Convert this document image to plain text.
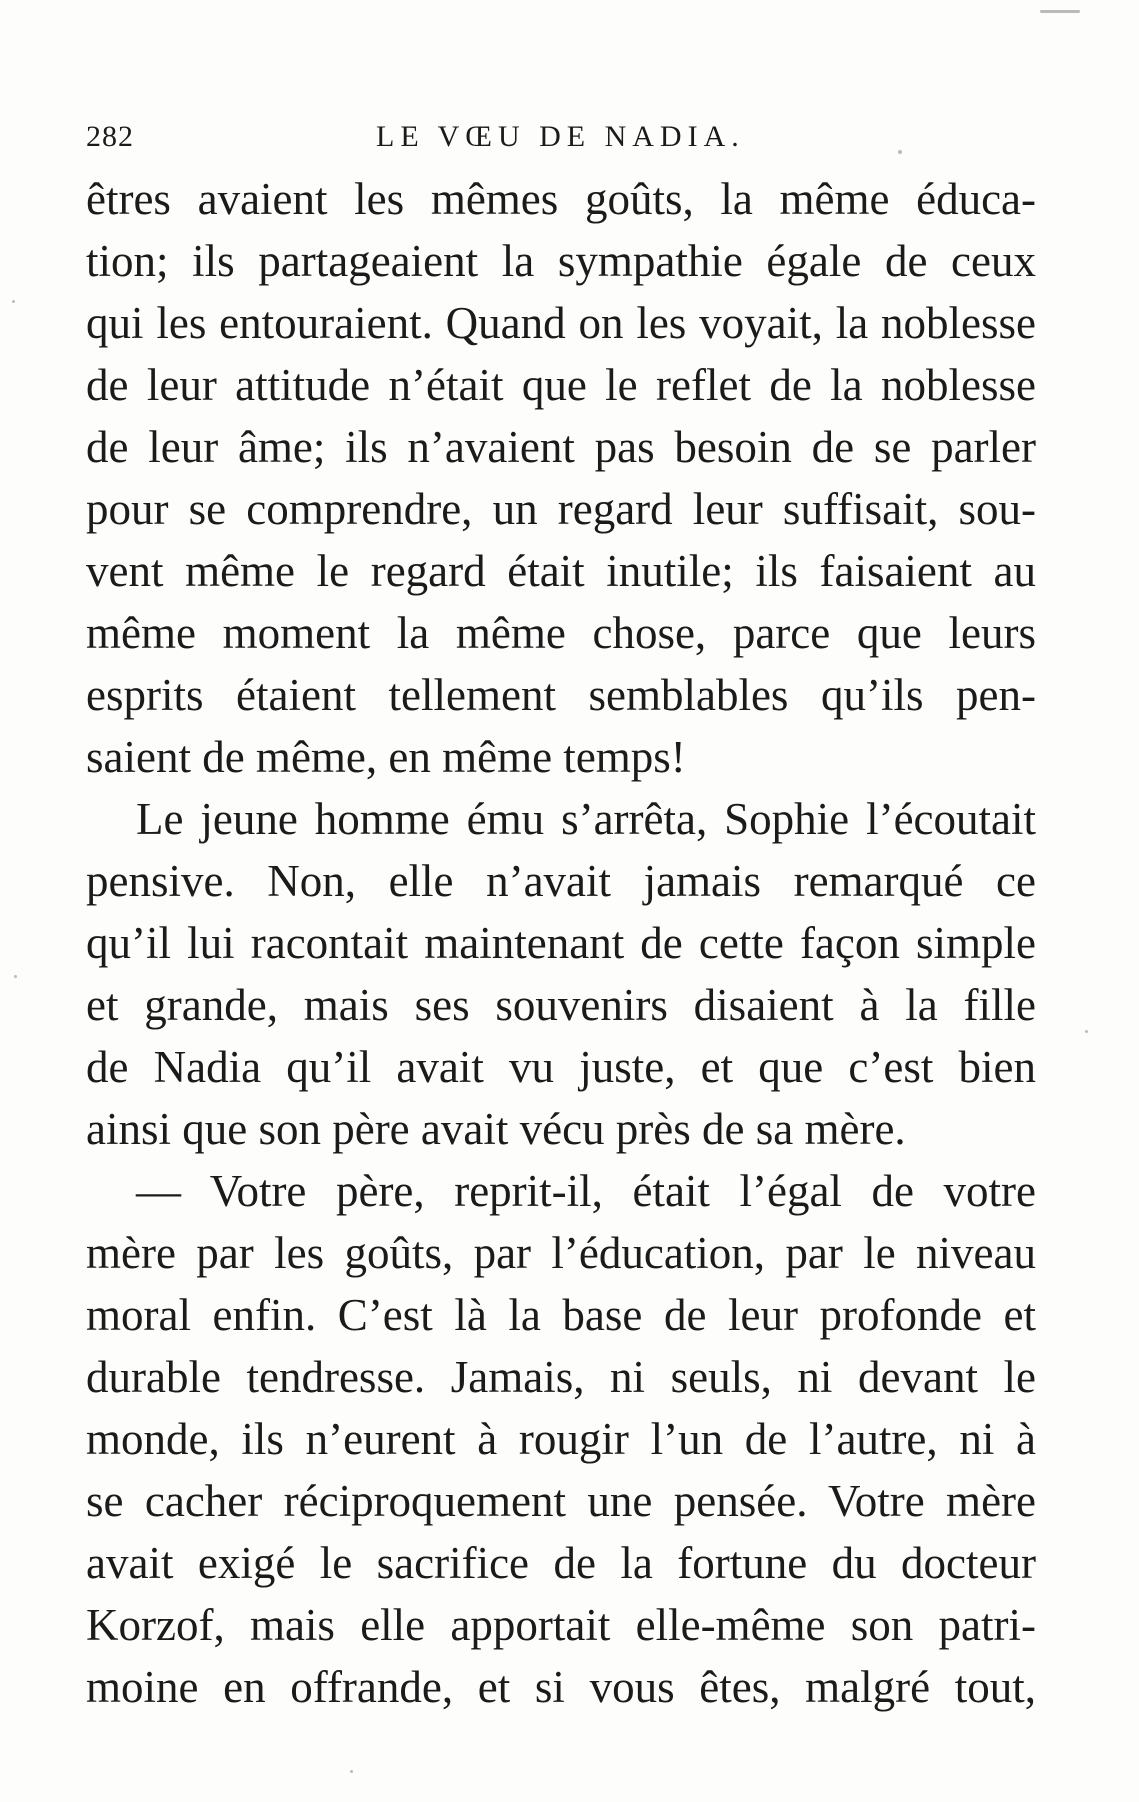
282	LE VŒU DE NADIA.
êtres avaient les mêmes goûts, la même éduca-
tion; ils partageaient la sympathie égale de ceux
qui les entouraient. Quand on les voyait, la noblesse
de leur attitude n’était que le reflet de la noblesse
de leur âme; ils n’avaient pas besoin de se parler
pour se comprendre, un regard leur suffisait, sou-
vent même le regard était inutile; ils faisaient au
même moment la même chose, parce que leurs
esprits étaient tellement semblables qu’ils pen-
saient de même, en même temps!
Le jeune homme ému s’arrêta, Sophie l’écoutait
pensive. Non, elle n’avait jamais remarqué ce
qu’il lui racontait maintenant de cette façon simple
et grande, mais ses souvenirs disaient à la fille
de Nadia qu’il avait vu juste, et que c’est bien
ainsi que son père avait vécu près de sa mère.
— Votre père, reprit-il, était l’égal de votre
mère par les goûts, par l’éducation, par le niveau
moral enfin. C’est là la base de leur profonde et
durable tendresse. Jamais, ni seuls, ni devant le
monde, ils n’eurent à rougir l’un de l’autre, ni à
se cacher réciproquement une pensée. Votre mère
avait exigé le sacrifice de la fortune du docteur
Korzof, mais elle apportait elle-même son patri-
moine en offrande, et si vous êtes, malgré tout,
